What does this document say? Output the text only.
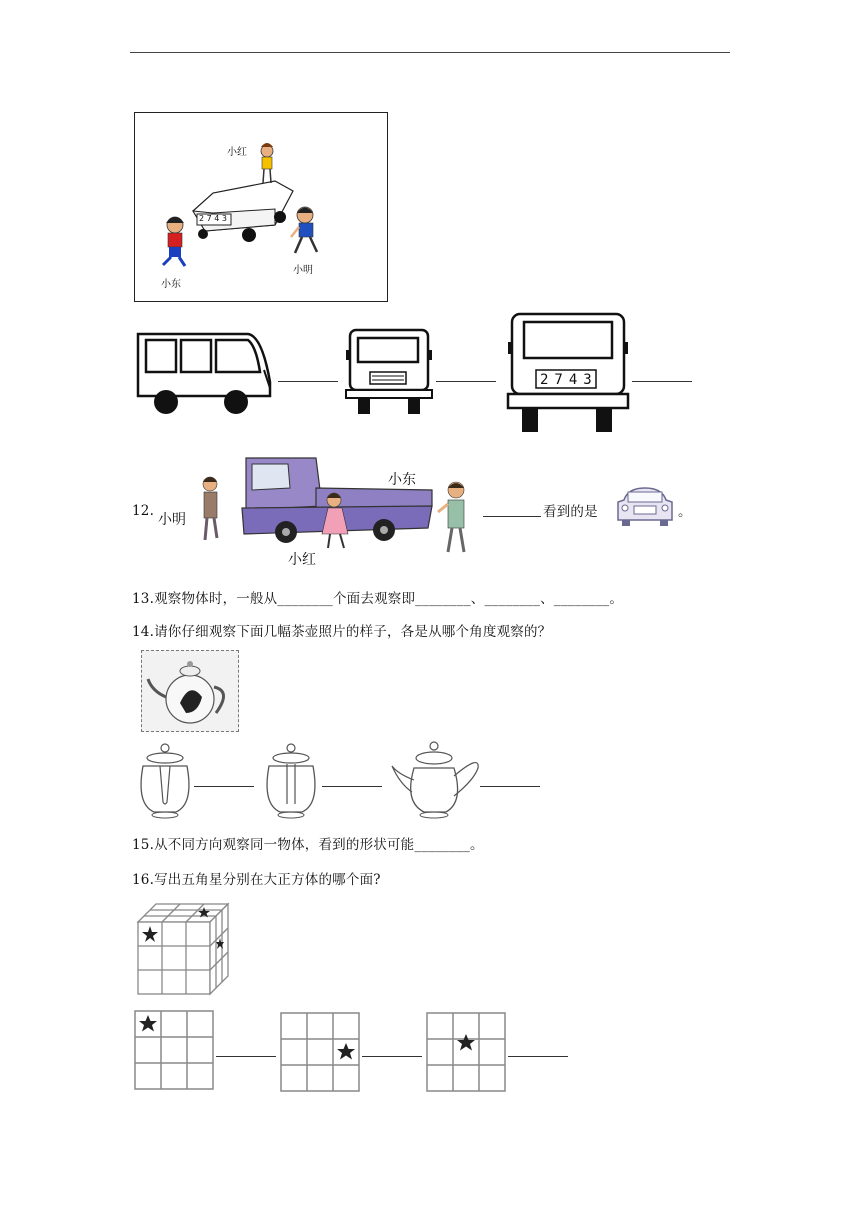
小红
2 7 4 3
小明
小东
2743
12.
小明
小东
小红
看到的是	。
13.观察物体时，一般从________个面去观察即________、________、________。
14.请你仔细观察下面几幅茶壶照片的样子，各是从哪个角度观察的？
15.从不同方向观察同一物体，看到的形状可能________。
16.写出五角星分别在大正方体的哪个面?
